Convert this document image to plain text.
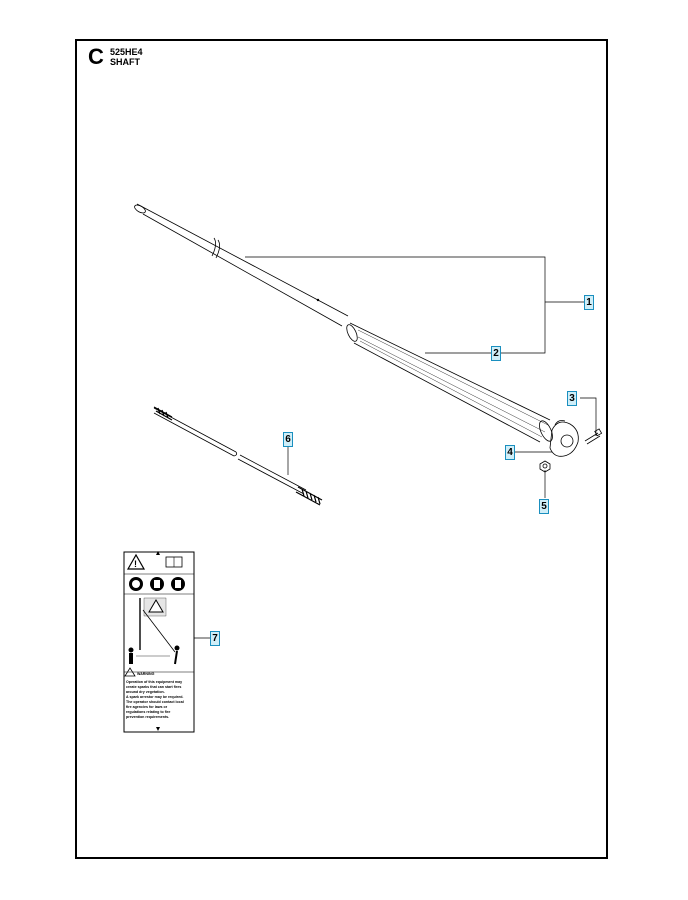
C 525HE4
SHAFT
!
WARNING
Operation of this equipment may
create sparks that can start fires
around dry vegetation.
A spark arrestor may be required.
The operator should contact local
fire agencies for laws or
regulations relating to fire
prevention requirements.
1
2
3
4
5
6
7
